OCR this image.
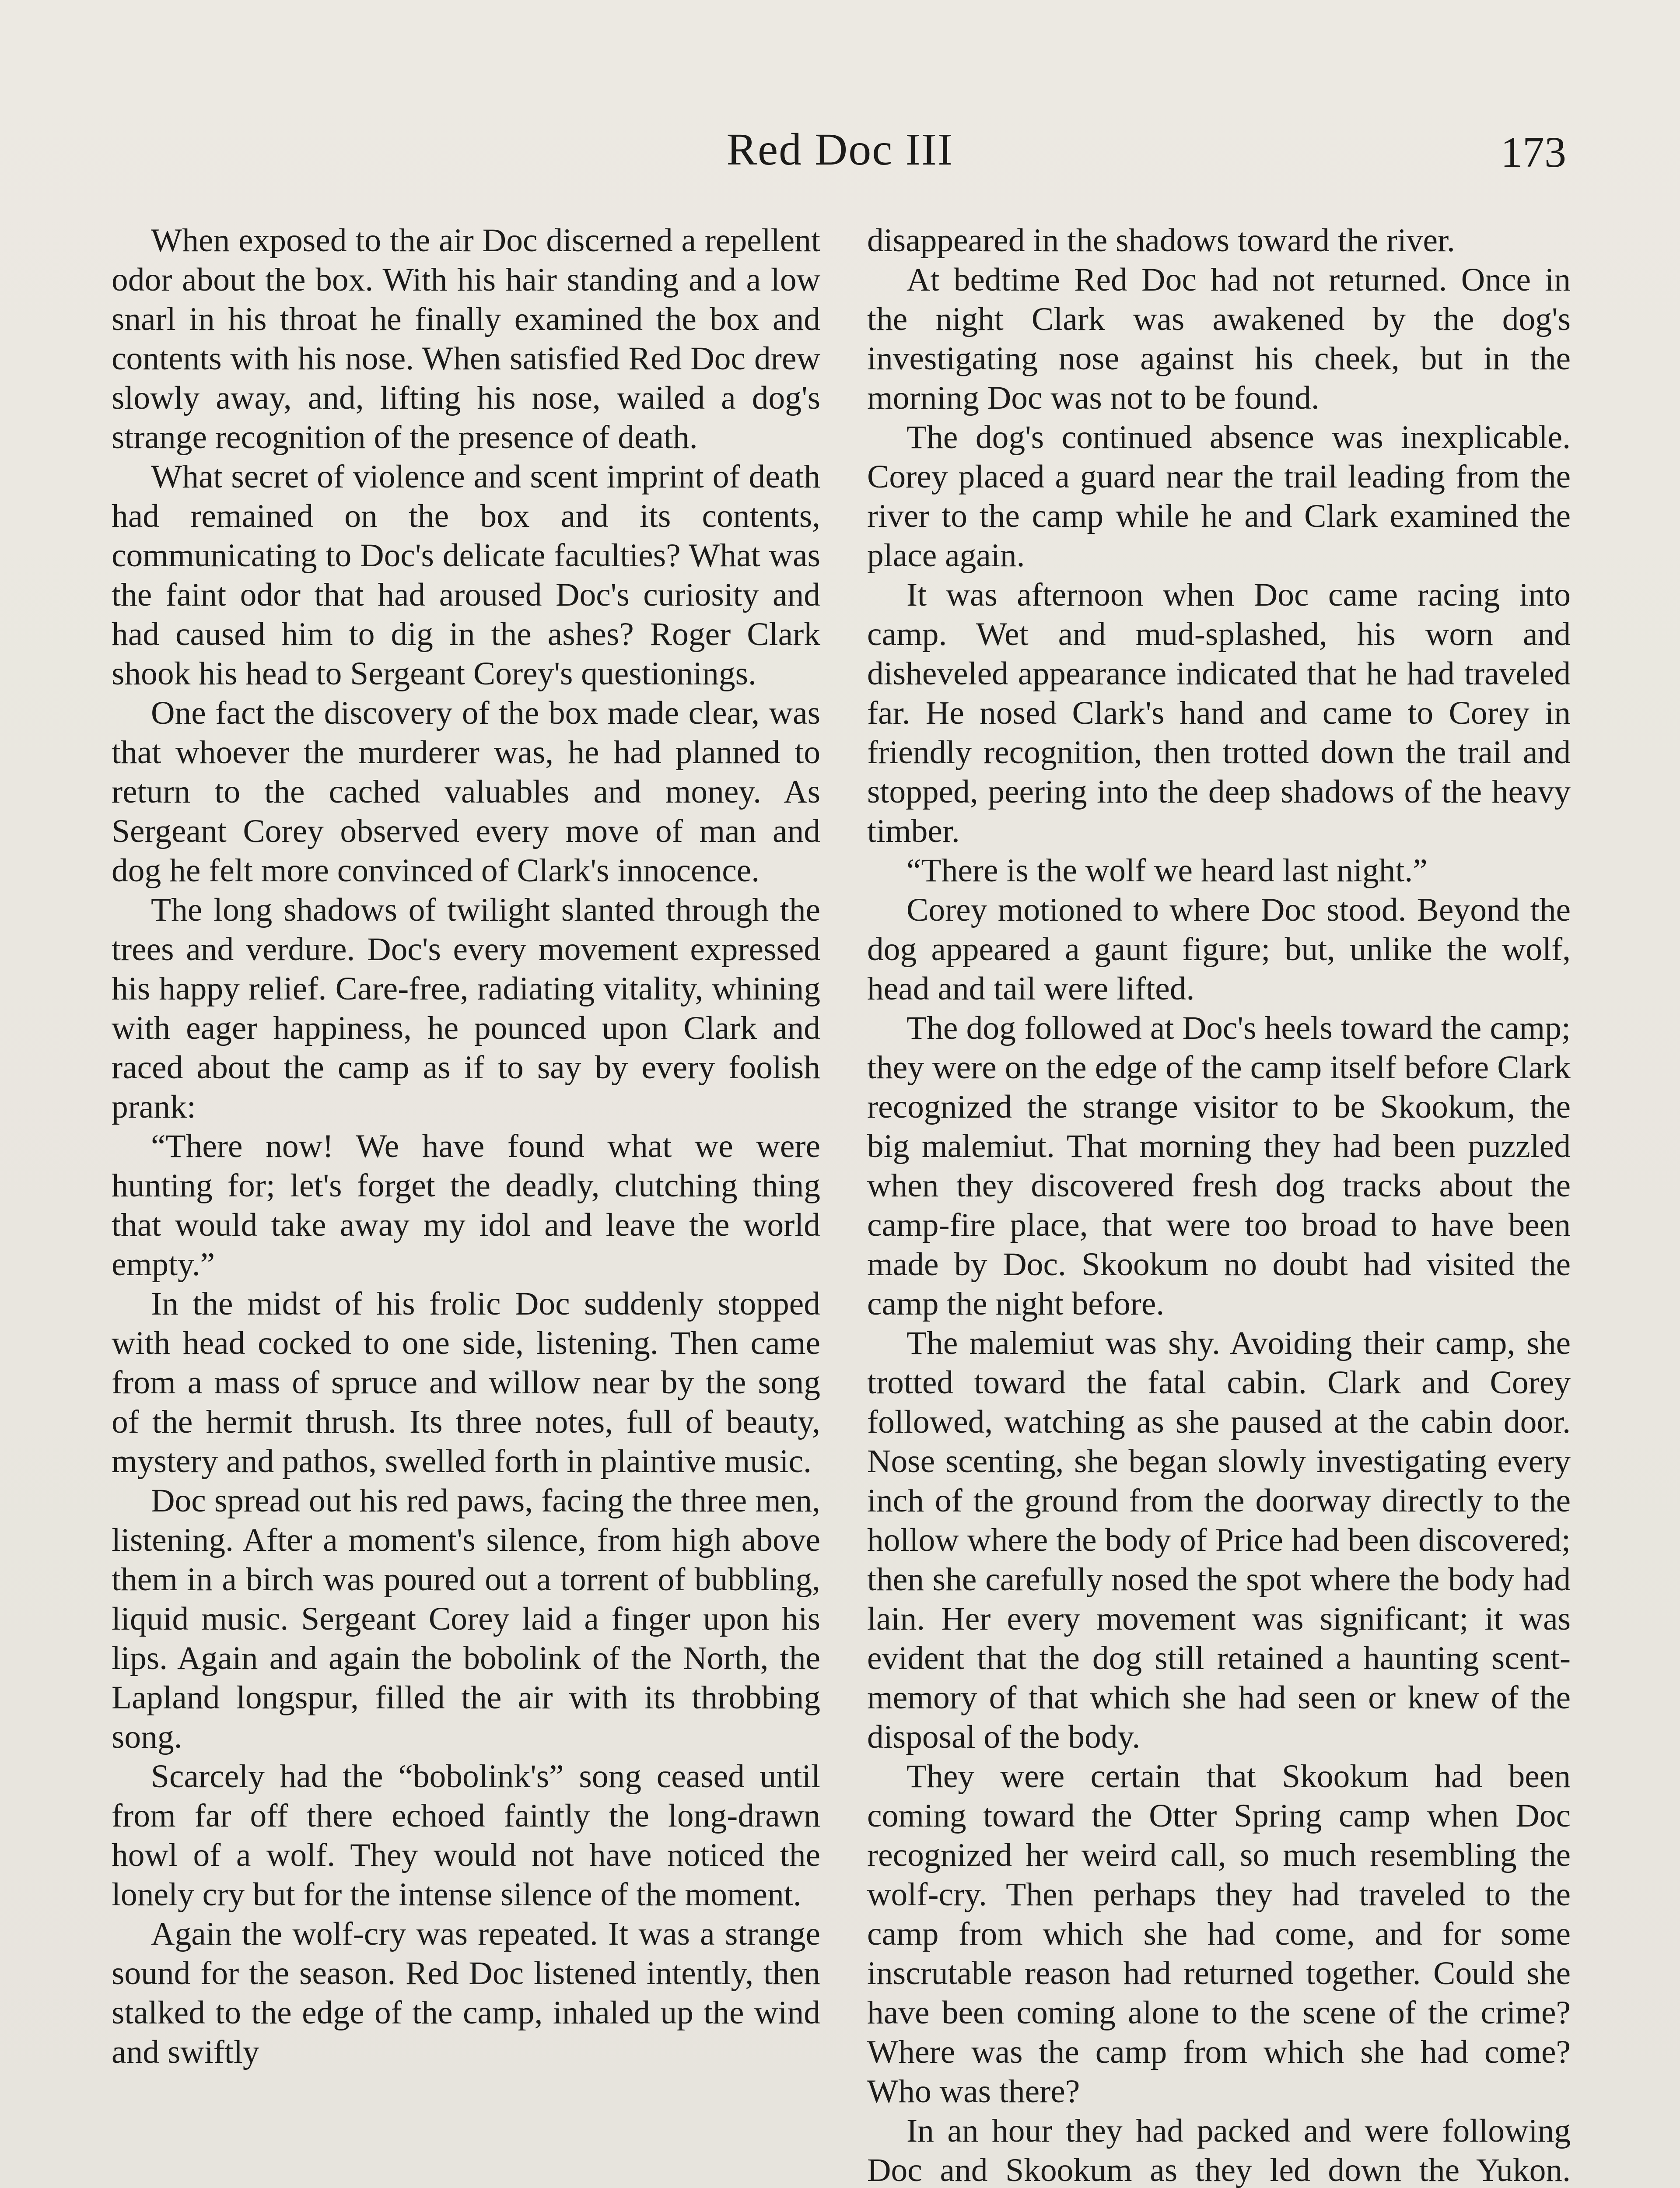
Red Doc III	173

When exposed to the air Doc discerned a repellent odor about the box. With his hair standing and a low snarl in his throat he finally examined the box and contents with his nose. When satisfied Red Doc drew slowly away, and, lifting his nose, wailed a dog's strange recognition of the presence of death.

What secret of violence and scent imprint of death had remained on the box and its contents, communicating to Doc's delicate faculties? What was the faint odor that had aroused Doc's curiosity and had caused him to dig in the ashes? Roger Clark shook his head to Sergeant Corey's questionings.

One fact the discovery of the box made clear, was that whoever the murderer was, he had planned to return to the cached valuables and money. As Sergeant Corey observed every move of man and dog he felt more convinced of Clark's innocence.

The long shadows of twilight slanted through the trees and verdure. Doc's every movement expressed his happy relief. Care-free, radiating vitality, whining with eager happiness, he pounced upon Clark and raced about the camp as if to say by every foolish prank:

“There now! We have found what we were hunting for; let's forget the deadly, clutching thing that would take away my idol and leave the world empty.”

In the midst of his frolic Doc suddenly stopped with head cocked to one side, listening. Then came from a mass of spruce and willow near by the song of the hermit thrush. Its three notes, full of beauty, mystery and pathos, swelled forth in plaintive music.

Doc spread out his red paws, facing the three men, listening. After a moment's silence, from high above them in a birch was poured out a torrent of bubbling, liquid music. Sergeant Corey laid a finger upon his lips. Again and again the bobolink of the North, the Lapland longspur, filled the air with its throbbing song.

Scarcely had the “bobolink's” song ceased until from far off there echoed faintly the long-drawn howl of a wolf. They would not have noticed the lonely cry but for the intense silence of the moment.

Again the wolf-cry was repeated. It was a strange sound for the season. Red Doc listened intently, then stalked to the edge of the camp, inhaled up the wind and swiftly

disappeared in the shadows toward the river.

At bedtime Red Doc had not returned. Once in the night Clark was awakened by the dog's investigating nose against his cheek, but in the morning Doc was not to be found.

The dog's continued absence was inexplicable. Corey placed a guard near the trail leading from the river to the camp while he and Clark examined the place again.

It was afternoon when Doc came racing into camp. Wet and mud-splashed, his worn and disheveled appearance indicated that he had traveled far. He nosed Clark's hand and came to Corey in friendly recognition, then trotted down the trail and stopped, peering into the deep shadows of the heavy timber.

“There is the wolf we heard last night.”

Corey motioned to where Doc stood. Beyond the dog appeared a gaunt figure; but, unlike the wolf, head and tail were lifted.

The dog followed at Doc's heels toward the camp; they were on the edge of the camp itself before Clark recognized the strange visitor to be Skookum, the big malemiut. That morning they had been puzzled when they discovered fresh dog tracks about the camp-fire place, that were too broad to have been made by Doc. Skookum no doubt had visited the camp the night before.

The malemiut was shy. Avoiding their camp, she trotted toward the fatal cabin. Clark and Corey followed, watching as she paused at the cabin door. Nose scenting, she began slowly investigating every inch of the ground from the doorway directly to the hollow where the body of Price had been discovered; then she carefully nosed the spot where the body had lain. Her every movement was significant; it was evident that the dog still retained a haunting scent-memory of that which she had seen or knew of the disposal of the body.

They were certain that Skookum had been coming toward the Otter Spring camp when Doc recognized her weird call, so much resembling the wolf-cry. Then perhaps they had traveled to the camp from which she had come, and for some inscrutable reason had returned together. Could she have been coming alone to the scene of the crime? Where was the camp from which she had come? Who was there?

In an hour they had packed and were following Doc and Skookum as they led down the Yukon.
